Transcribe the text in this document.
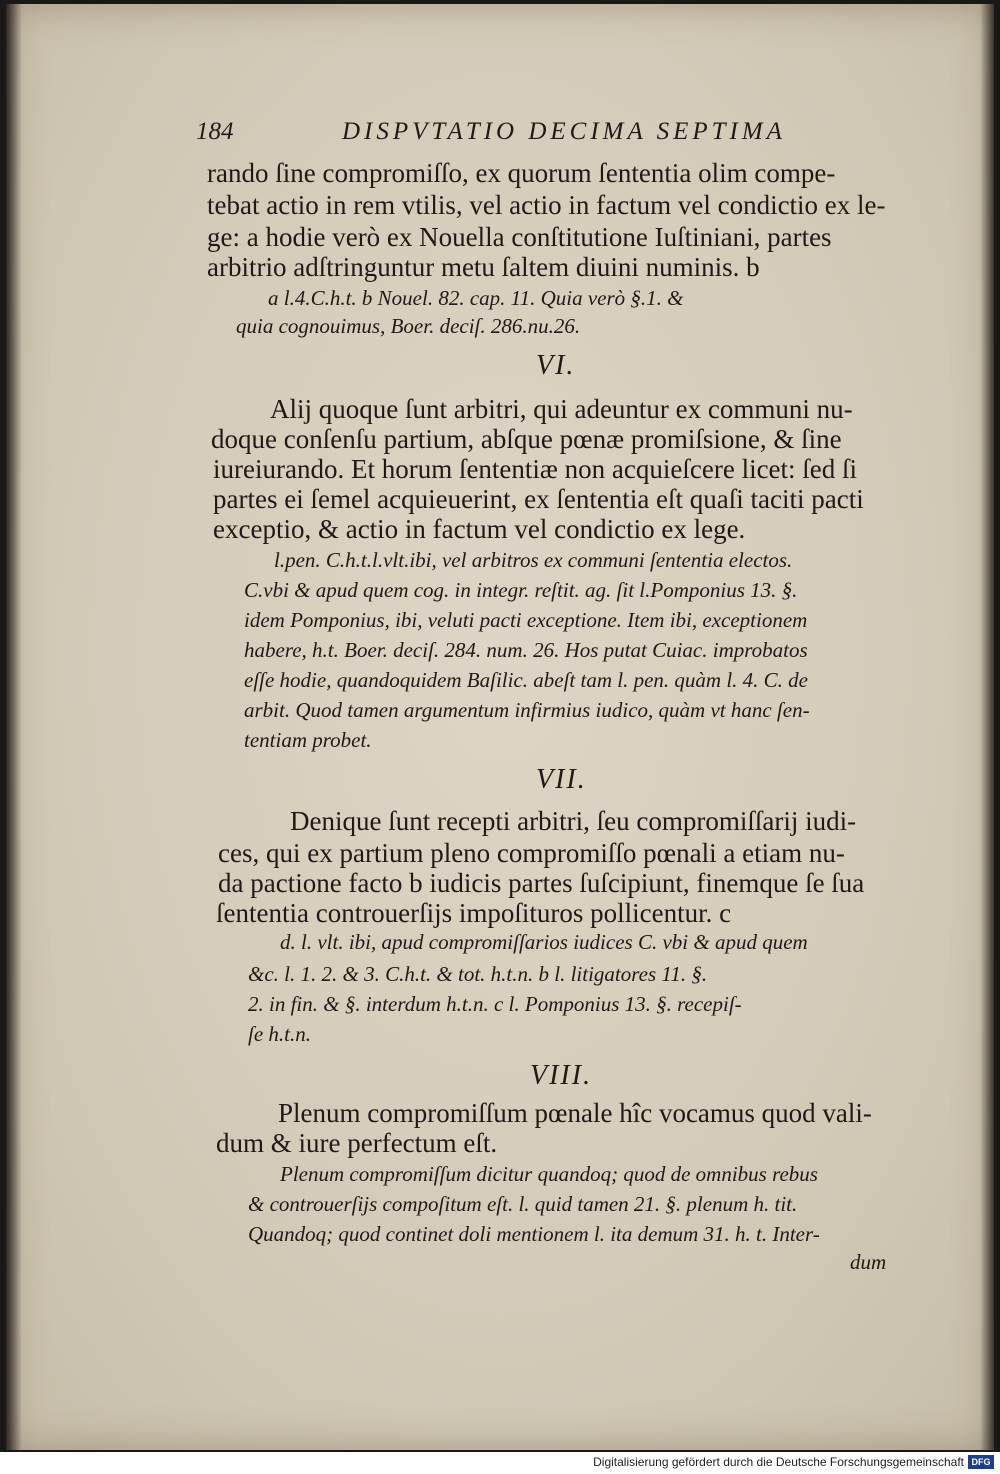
184	DISPVTATIO DECIMA SEPTIMA
rando ſine compromiſſo, ex quorum ſententia olim compe-
tebat actio in rem vtilis, vel actio in factum vel condictio ex le-
ge: a hodie verò ex Nouella conſtitutione Iuſtiniani, partes
arbitrio adſtringuntur metu ſaltem diuini numinis. b
a l.4.C.h.t. b Nouel. 82. cap. 11. Quia verò §.1. &
quia cognouimus, Boer. deciſ. 286.nu.26.
VI.
Alij quoque ſunt arbitri, qui adeuntur ex communi nu-
doque conſenſu partium, abſque pœnæ promiſsione, & ſine
iureiurando. Et horum ſententiæ non acquieſcere licet: ſed ſi
partes ei ſemel acquieuerint, ex ſententia eſt quaſi taciti pacti
exceptio, & actio in factum vel condictio ex lege.
l.pen. C.h.t.l.vlt.ibi, vel arbitros ex communi ſententia electos.
C.vbi & apud quem cog. in integr. reſtit. ag. ſit l.Pomponius 13. §.
idem Pomponius, ibi, veluti pacti exceptione. Item ibi, exceptionem
habere, h.t. Boer. deciſ. 284. num. 26. Hos putat Cuiac. improbatos
eſſe hodie, quandoquidem Baſilic. abeſt tam l. pen. quàm l. 4. C. de
arbit. Quod tamen argumentum infirmius iudico, quàm vt hanc ſen-
tentiam probet.
VII.
Denique ſunt recepti arbitri, ſeu compromiſſarij iudi-
ces, qui ex partium pleno compromiſſo pœnali a etiam nu-
da pactione facto b iudicis partes ſuſcipiunt, finemque ſe ſua
ſententia controuerſijs impoſituros pollicentur. c
d. l. vlt. ibi, apud compromiſſarios iudices C. vbi & apud quem
&c. l. 1. 2. & 3. C.h.t. & tot. h.t.n. b l. litigatores 11. §.
2. in fin. & §. interdum h.t.n. c l. Pomponius 13. §. recepiſ-
ſe h.t.n.
VIII.
Plenum compromiſſum pœnale hîc vocamus quod vali-
dum & iure perfectum eſt.
Plenum compromiſſum dicitur quandoq; quod de omnibus rebus
& controuerſijs compoſitum eſt. l. quid tamen 21. §. plenum h. tit.
Quandoq; quod continet doli mentionem l. ita demum 31. h. t. Inter-
dum
Digitalisierung gefördert durch die Deutsche Forschungsgemeinschaft DFG
